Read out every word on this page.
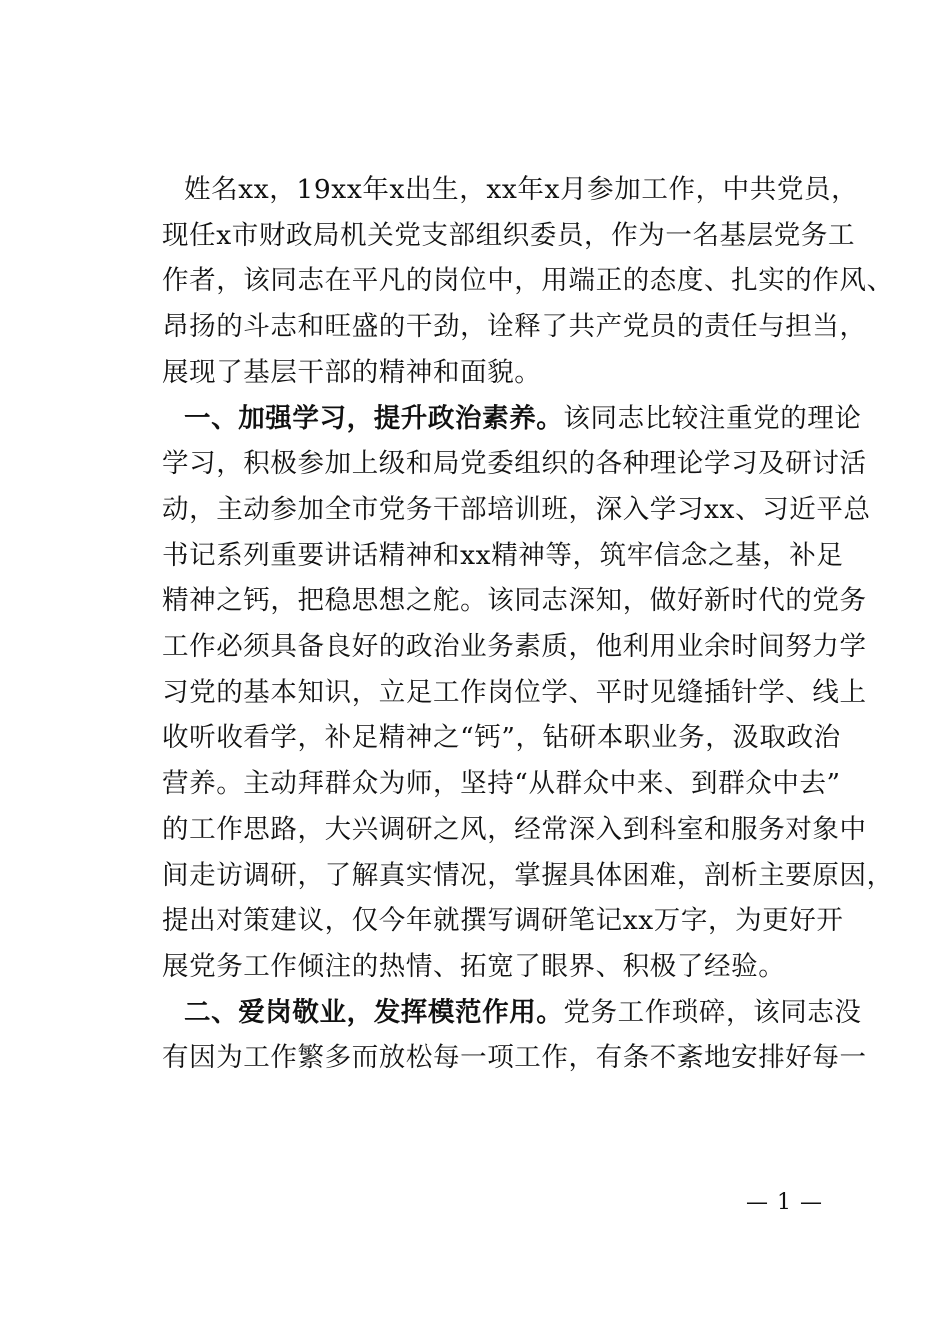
姓名xx，19xx年x出生，xx年x月参加工作，中共党员，
现任x市财政局机关党支部组织委员，作为一名基层党务工
作者，该同志在平凡的岗位中，用端正的态度、扎实的作风、
昂扬的斗志和旺盛的干劲，诠释了共产党员的责任与担当，
展现了基层干部的精神和面貌。
一、加强学习，提升政治素养。该同志比较注重党的理论
学习，积极参加上级和局党委组织的各种理论学习及研讨活
动，主动参加全市党务干部培训班，深入学习xx、习近平总
书记系列重要讲话精神和xx精神等，筑牢信念之基，补足
精神之钙，把稳思想之舵。该同志深知，做好新时代的党务
工作必须具备良好的政治业务素质，他利用业余时间努力学
习党的基本知识，立足工作岗位学、平时见缝插针学、线上
收听收看学，补足精神之“钙”，钻研本职业务，汲取政治
营养。主动拜群众为师，坚持“从群众中来、到群众中去”
的工作思路，大兴调研之风，经常深入到科室和服务对象中
间走访调研，了解真实情况，掌握具体困难，剖析主要原因，
提出对策建议，仅今年就撰写调研笔记xx万字，为更好开
展党务工作倾注的热情、拓宽了眼界、积极了经验。
二、爱岗敬业，发挥模范作用。党务工作琐碎，该同志没
有因为工作繁多而放松每一项工作，有条不紊地安排好每一
— 1 —
